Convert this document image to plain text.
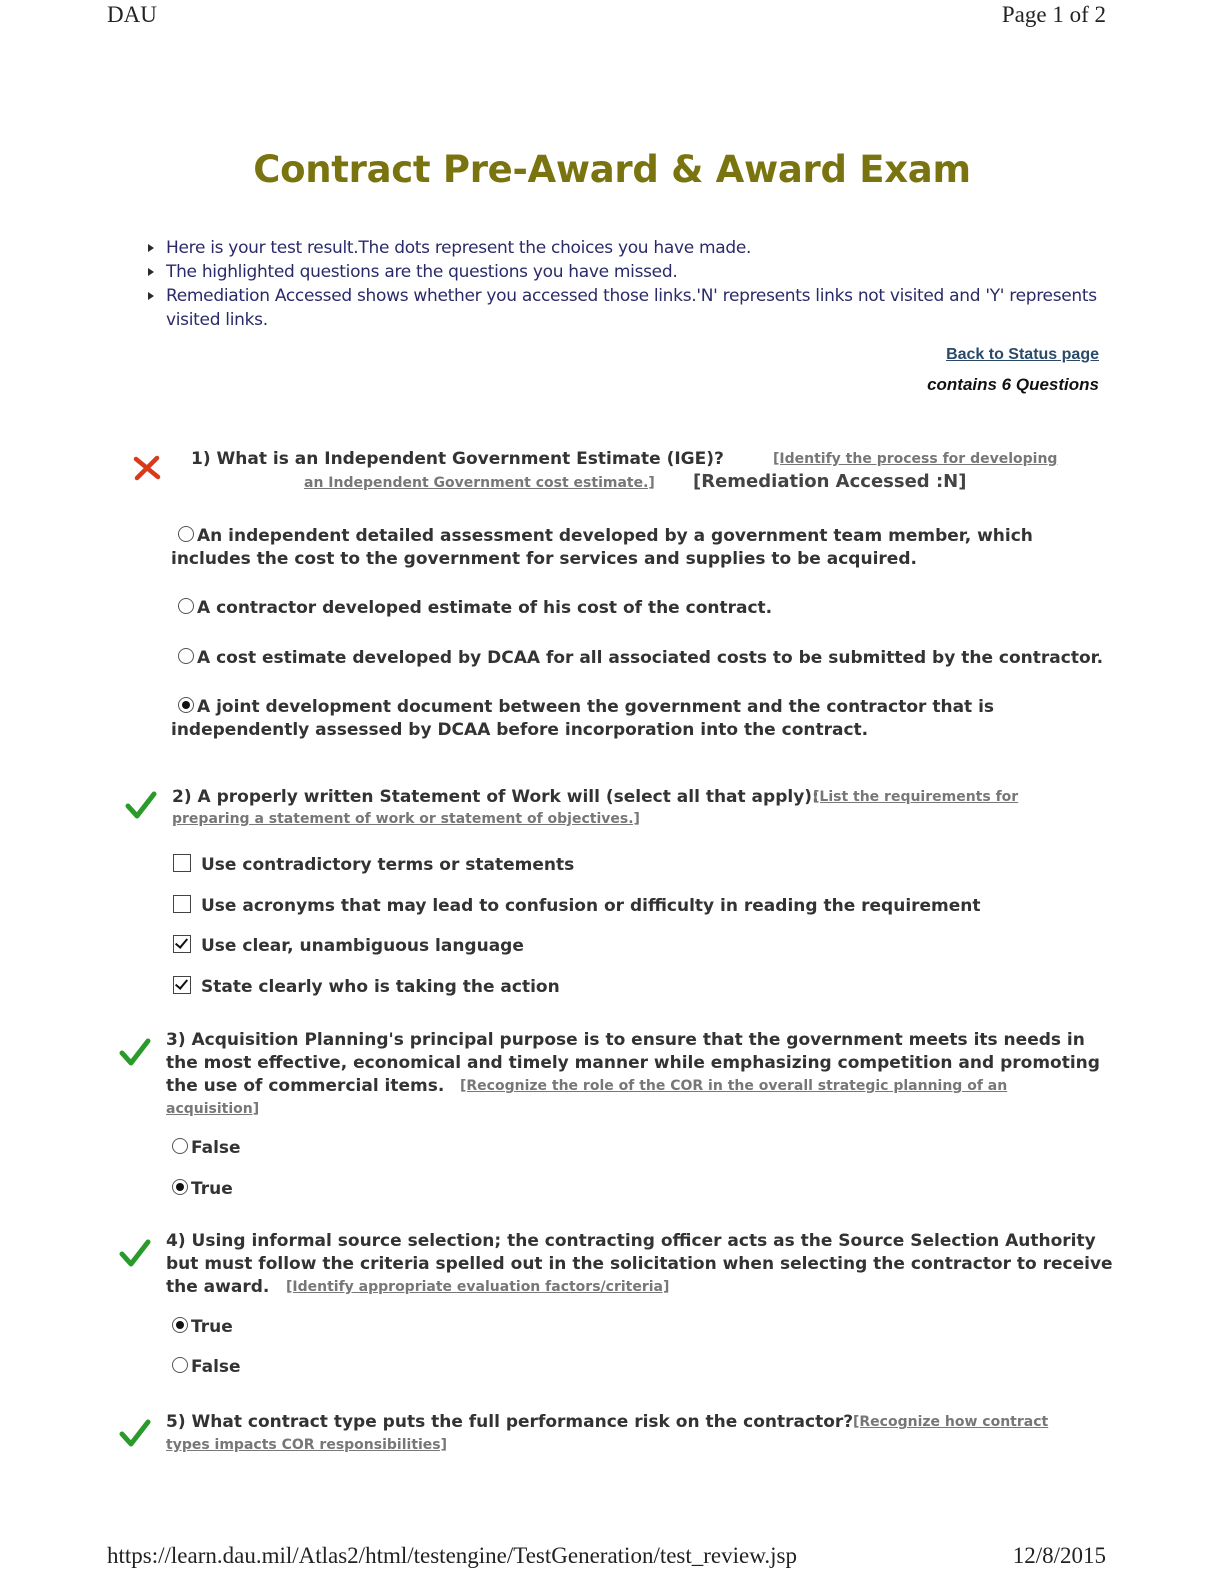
DAU	Page 1 of 2
Contract Pre-Award & Award Exam
Here is your test result.The dots represent the choices you have made.
The highlighted questions are the questions you have missed.
Remediation Accessed shows whether you accessed those links.'N' represents links not visited and 'Y' represents visited links.
Back to Status page
contains 6 Questions
1) What is an Independent Government Estimate (IGE)?	[Identify the process for developing
an Independent Government cost estimate.] [Remediation Accessed :N]
An independent detailed assessment developed by a government team member, which
includes the cost to the government for services and supplies to be acquired.
A contractor developed estimate of his cost of the contract.
A cost estimate developed by DCAA for all associated costs to be submitted by the contractor.
A joint development document between the government and the contractor that is
independently assessed by DCAA before incorporation into the contract.
2) A properly written Statement of Work will (select all that apply):
[List the requirements for
preparing a statement of work or statement of objectives.]
Use contradictory terms or statements
Use acronyms that may lead to confusion or difficulty in reading the requirement
Use clear, unambiguous language
State clearly who is taking the action
3) Acquisition Planning's principal purpose is to ensure that the government meets its needs in
the most effective, economical and timely manner while emphasizing competition and promoting
the use of commercial items. [Recognize the role of the COR in the overall strategic planning of an
acquisition]
False
True
4) Using informal source selection; the contracting officer acts as the Source Selection Authority
but must follow the criteria spelled out in the solicitation when selecting the contractor to receive
the award. [Identify appropriate evaluation factors/criteria]
True
False
5) What contract type puts the full performance risk on the contractor? [Recognize how contract
types impacts COR responsibilities]
https://learn.dau.mil/Atlas2/html/testengine/TestGeneration/test_review.jsp	12/8/2015
